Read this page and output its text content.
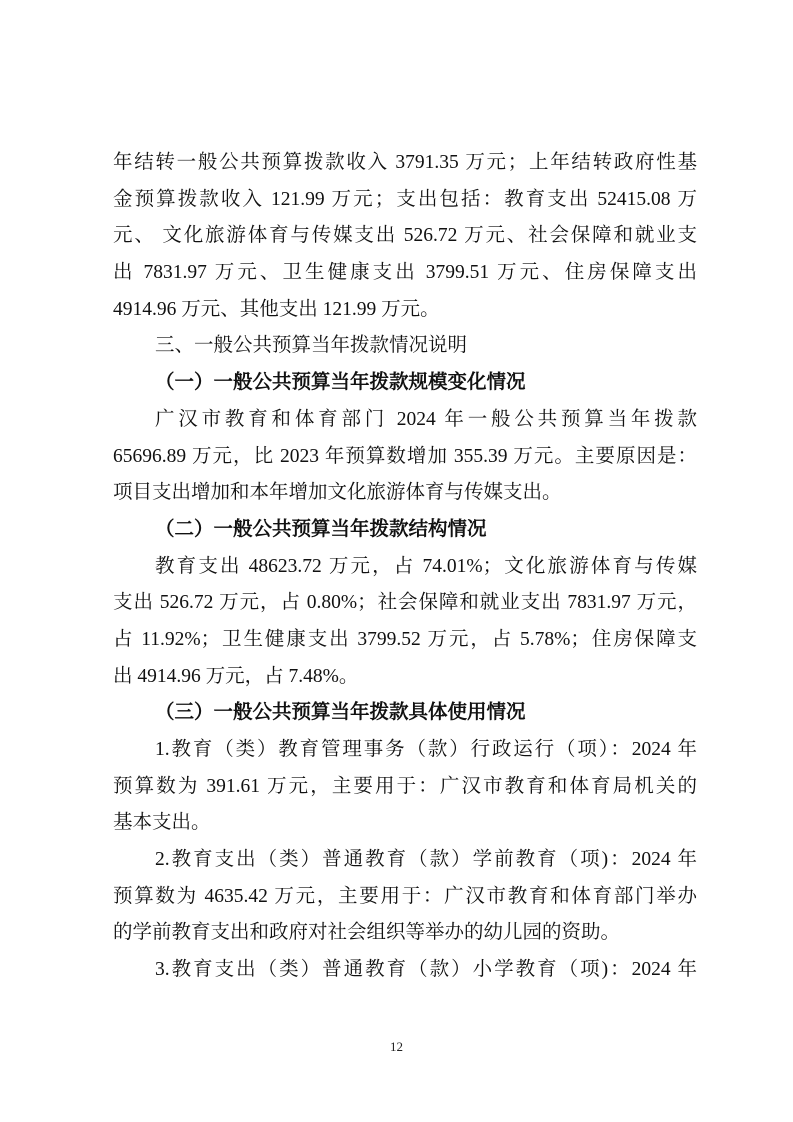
年结转一般公共预算拨款收入 3791.35 万元；上年结转政府性基
金预算拨款收入 121.99 万元；支出包括：教育支出 52415.08 万
元、 文化旅游体育与传媒支出 526.72 万元、社会保障和就业支
出 7831.97 万元、卫生健康支出 3799.51 万元、住房保障支出
4914.96 万元、其他支出 121.99 万元。
三、一般公共预算当年拨款情况说明
（一）一般公共预算当年拨款规模变化情况
广汉市教育和体育部门 2024 年一般公共预算当年拨款
65696.89 万元，比 2023 年预算数增加 355.39 万元。主要原因是：
项目支出增加和本年增加文化旅游体育与传媒支出。
（二）一般公共预算当年拨款结构情况
教育支出 48623.72 万元，占 74.01%；文化旅游体育与传媒
支出 526.72 万元，占 0.80%；社会保障和就业支出 7831.97 万元，
占 11.92%；卫生健康支出 3799.52 万元，占 5.78%；住房保障支
出 4914.96 万元，占 7.48%。
（三）一般公共预算当年拨款具体使用情况
1.教育（类）教育管理事务（款）行政运行（项）：2024 年
预算数为 391.61 万元，主要用于：广汉市教育和体育局机关的
基本支出。
2.教育支出（类）普通教育（款）学前教育（项)：2024 年
预算数为 4635.42 万元，主要用于：广汉市教育和体育部门举办
的学前教育支出和政府对社会组织等举办的幼儿园的资助。
3.教育支出（类）普通教育（款）小学教育（项)：2024 年
12
